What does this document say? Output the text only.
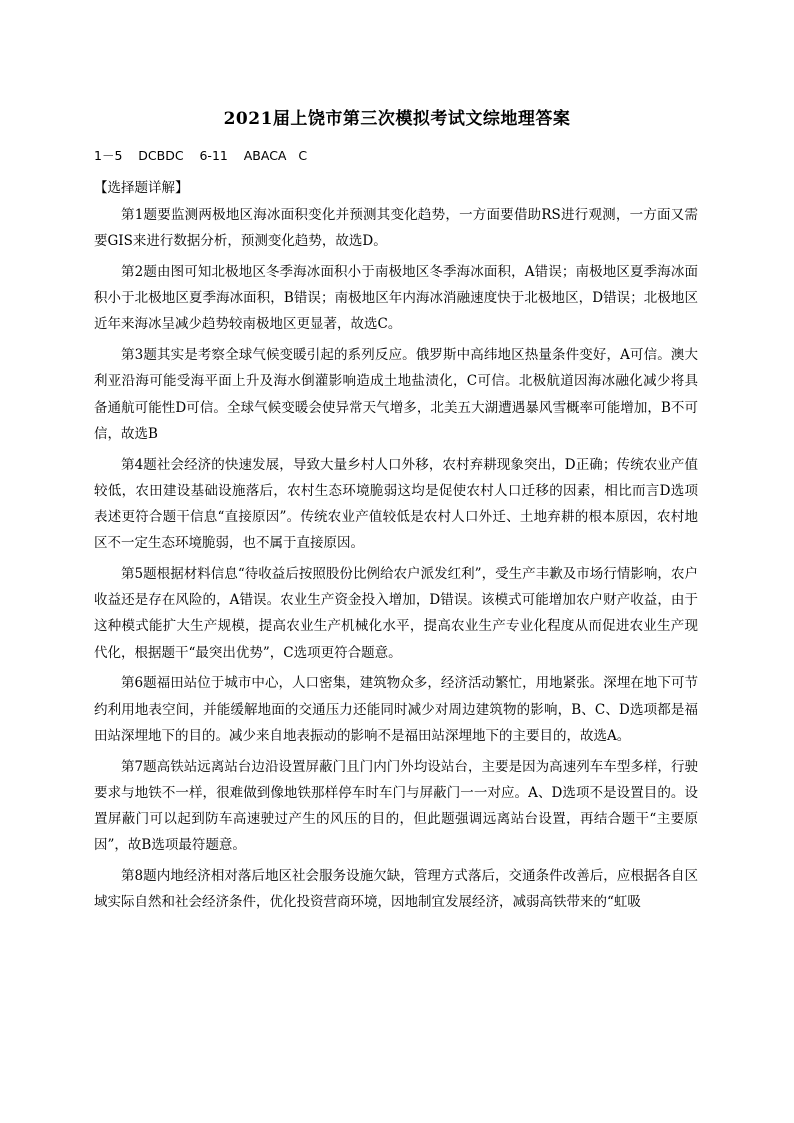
2021届上饶市第三次模拟考试文综地理答案
1－5    DCBDC    6-11    ABACA   C
【选择题详解】

第1题要监测两极地区海冰面积变化并预测其变化趋势，一方面要借助RS进行观测，一方面又需要GIS来进行数据分析，预测变化趋势，故选D。

第2题由图可知北极地区冬季海冰面积小于南极地区冬季海冰面积，A错误；南极地区夏季海冰面积小于北极地区夏季海冰面积，B错误；南极地区年内海冰消融速度快于北极地区，D错误；北极地区近年来海冰呈减少趋势较南极地区更显著，故选C。

第3题其实是考察全球气候变暖引起的系列反应。俄罗斯中高纬地区热量条件变好，A可信。澳大利亚沿海可能受海平面上升及海水倒灌影响造成土地盐渍化，C可信。北极航道因海冰融化减少将具备通航可能性D可信。全球气候变暖会使异常天气增多，北美五大湖遭遇暴风雪概率可能增加，B不可信，故选B

第4题社会经济的快速发展，导致大量乡村人口外移，农村弃耕现象突出，D正确；传统农业产值较低，农田建设基础设施落后，农村生态环境脆弱这均是促使农村人口迁移的因素，相比而言D选项表述更符合题干信息“直接原因”。传统农业产值较低是农村人口外迁、土地弃耕的根本原因，农村地区不一定生态环境脆弱，也不属于直接原因。

第5题根据材料信息“待收益后按照股份比例给农户派发红利”，受生产丰歉及市场行情影响，农户收益还是存在风险的，A错误。农业生产资金投入增加，D错误。该模式可能增加农户财产收益，由于这种模式能扩大生产规模，提高农业生产机械化水平，提高农业生产专业化程度从而促进农业生产现代化，根据题干“最突出优势”，C选项更符合题意。

第6题福田站位于城市中心，人口密集，建筑物众多，经济活动繁忙，用地紧张。深埋在地下可节约利用地表空间，并能缓解地面的交通压力还能同时减少对周边建筑物的影响，B、C、D选项都是福田站深埋地下的目的。减少来自地表振动的影响不是福田站深埋地下的主要目的，故选A。

第7题高铁站远离站台边沿设置屏蔽门且门内门外均设站台，主要是因为高速列车车型多样，行驶要求与地铁不一样，很难做到像地铁那样停车时车门与屏蔽门一一对应。A、D选项不是设置目的。设置屏蔽门可以起到防车高速驶过产生的风压的目的，但此题强调远离站台设置，再结合题干“主要原因”，故B选项最符题意。

第8题内地经济相对落后地区社会服务设施欠缺，管理方式落后，交通条件改善后，应根据各自区域实际自然和社会经济条件，优化投资营商环境，因地制宜发展经济，减弱高铁带来的“虹吸
